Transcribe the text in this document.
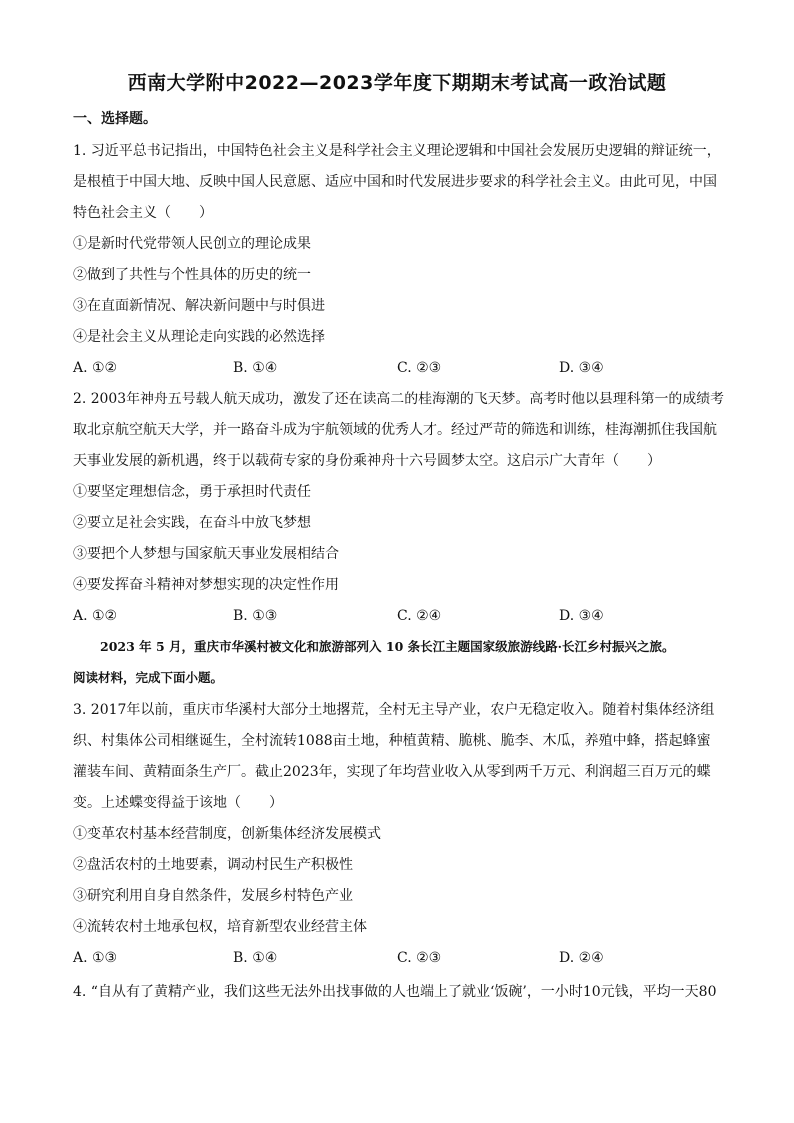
西南大学附中2022—2023学年度下期期末考试高一政治试题
一、选择题。
1. 习近平总书记指出，中国特色社会主义是科学社会主义理论逻辑和中国社会发展历史逻辑的辩证统一，
是根植于中国大地、反映中国人民意愿、适应中国和时代发展进步要求的科学社会主义。由此可见，中国
特色社会主义（　　）
①是新时代党带领人民创立的理论成果
②做到了共性与个性具体的历史的统一
③在直面新情况、解决新问题中与时俱进
④是社会主义从理论走向实践的必然选择
A. ①②	B. ①④	C. ②③	D. ③④
2. 2003年神舟五号载人航天成功，激发了还在读高二的桂海潮的飞天梦。高考时他以县理科第一的成绩考
取北京航空航天大学，并一路奋斗成为宇航领域的优秀人才。经过严苛的筛选和训练，桂海潮抓住我国航
天事业发展的新机遇，终于以载荷专家的身份乘神舟十六号圆梦太空。这启示广大青年（　　）
①要坚定理想信念，勇于承担时代责任
②要立足社会实践，在奋斗中放飞梦想
③要把个人梦想与国家航天事业发展相结合
④要发挥奋斗精神对梦想实现的决定性作用
A. ①②	B. ①③	C. ②④	D. ③④
2023 年 5 月，重庆市华溪村被文化和旅游部列入 10 条长江主题国家级旅游线路·长江乡村振兴之旅。
阅读材料，完成下面小题。
3. 2017年以前，重庆市华溪村大部分土地撂荒，全村无主导产业，农户无稳定收入。随着村集体经济组
织、村集体公司相继诞生，全村流转1088亩土地，种植黄精、脆桃、脆李、木瓜，养殖中蜂，搭起蜂蜜
灌装车间、黄精面条生产厂。截止2023年，实现了年均营业收入从零到两千万元、利润超三百万元的蝶
变。上述蝶变得益于该地（　　）
①变革农村基本经营制度，创新集体经济发展模式
②盘活农村的土地要素，调动村民生产积极性
③研究利用自身自然条件，发展乡村特色产业
④流转农村土地承包权，培育新型农业经营主体
A. ①③	B. ①④	C. ②③	D. ②④
4. “自从有了黄精产业，我们这些无法外出找事做的人也端上了就业‘饭碗’，一小时10元钱，平均一天80
